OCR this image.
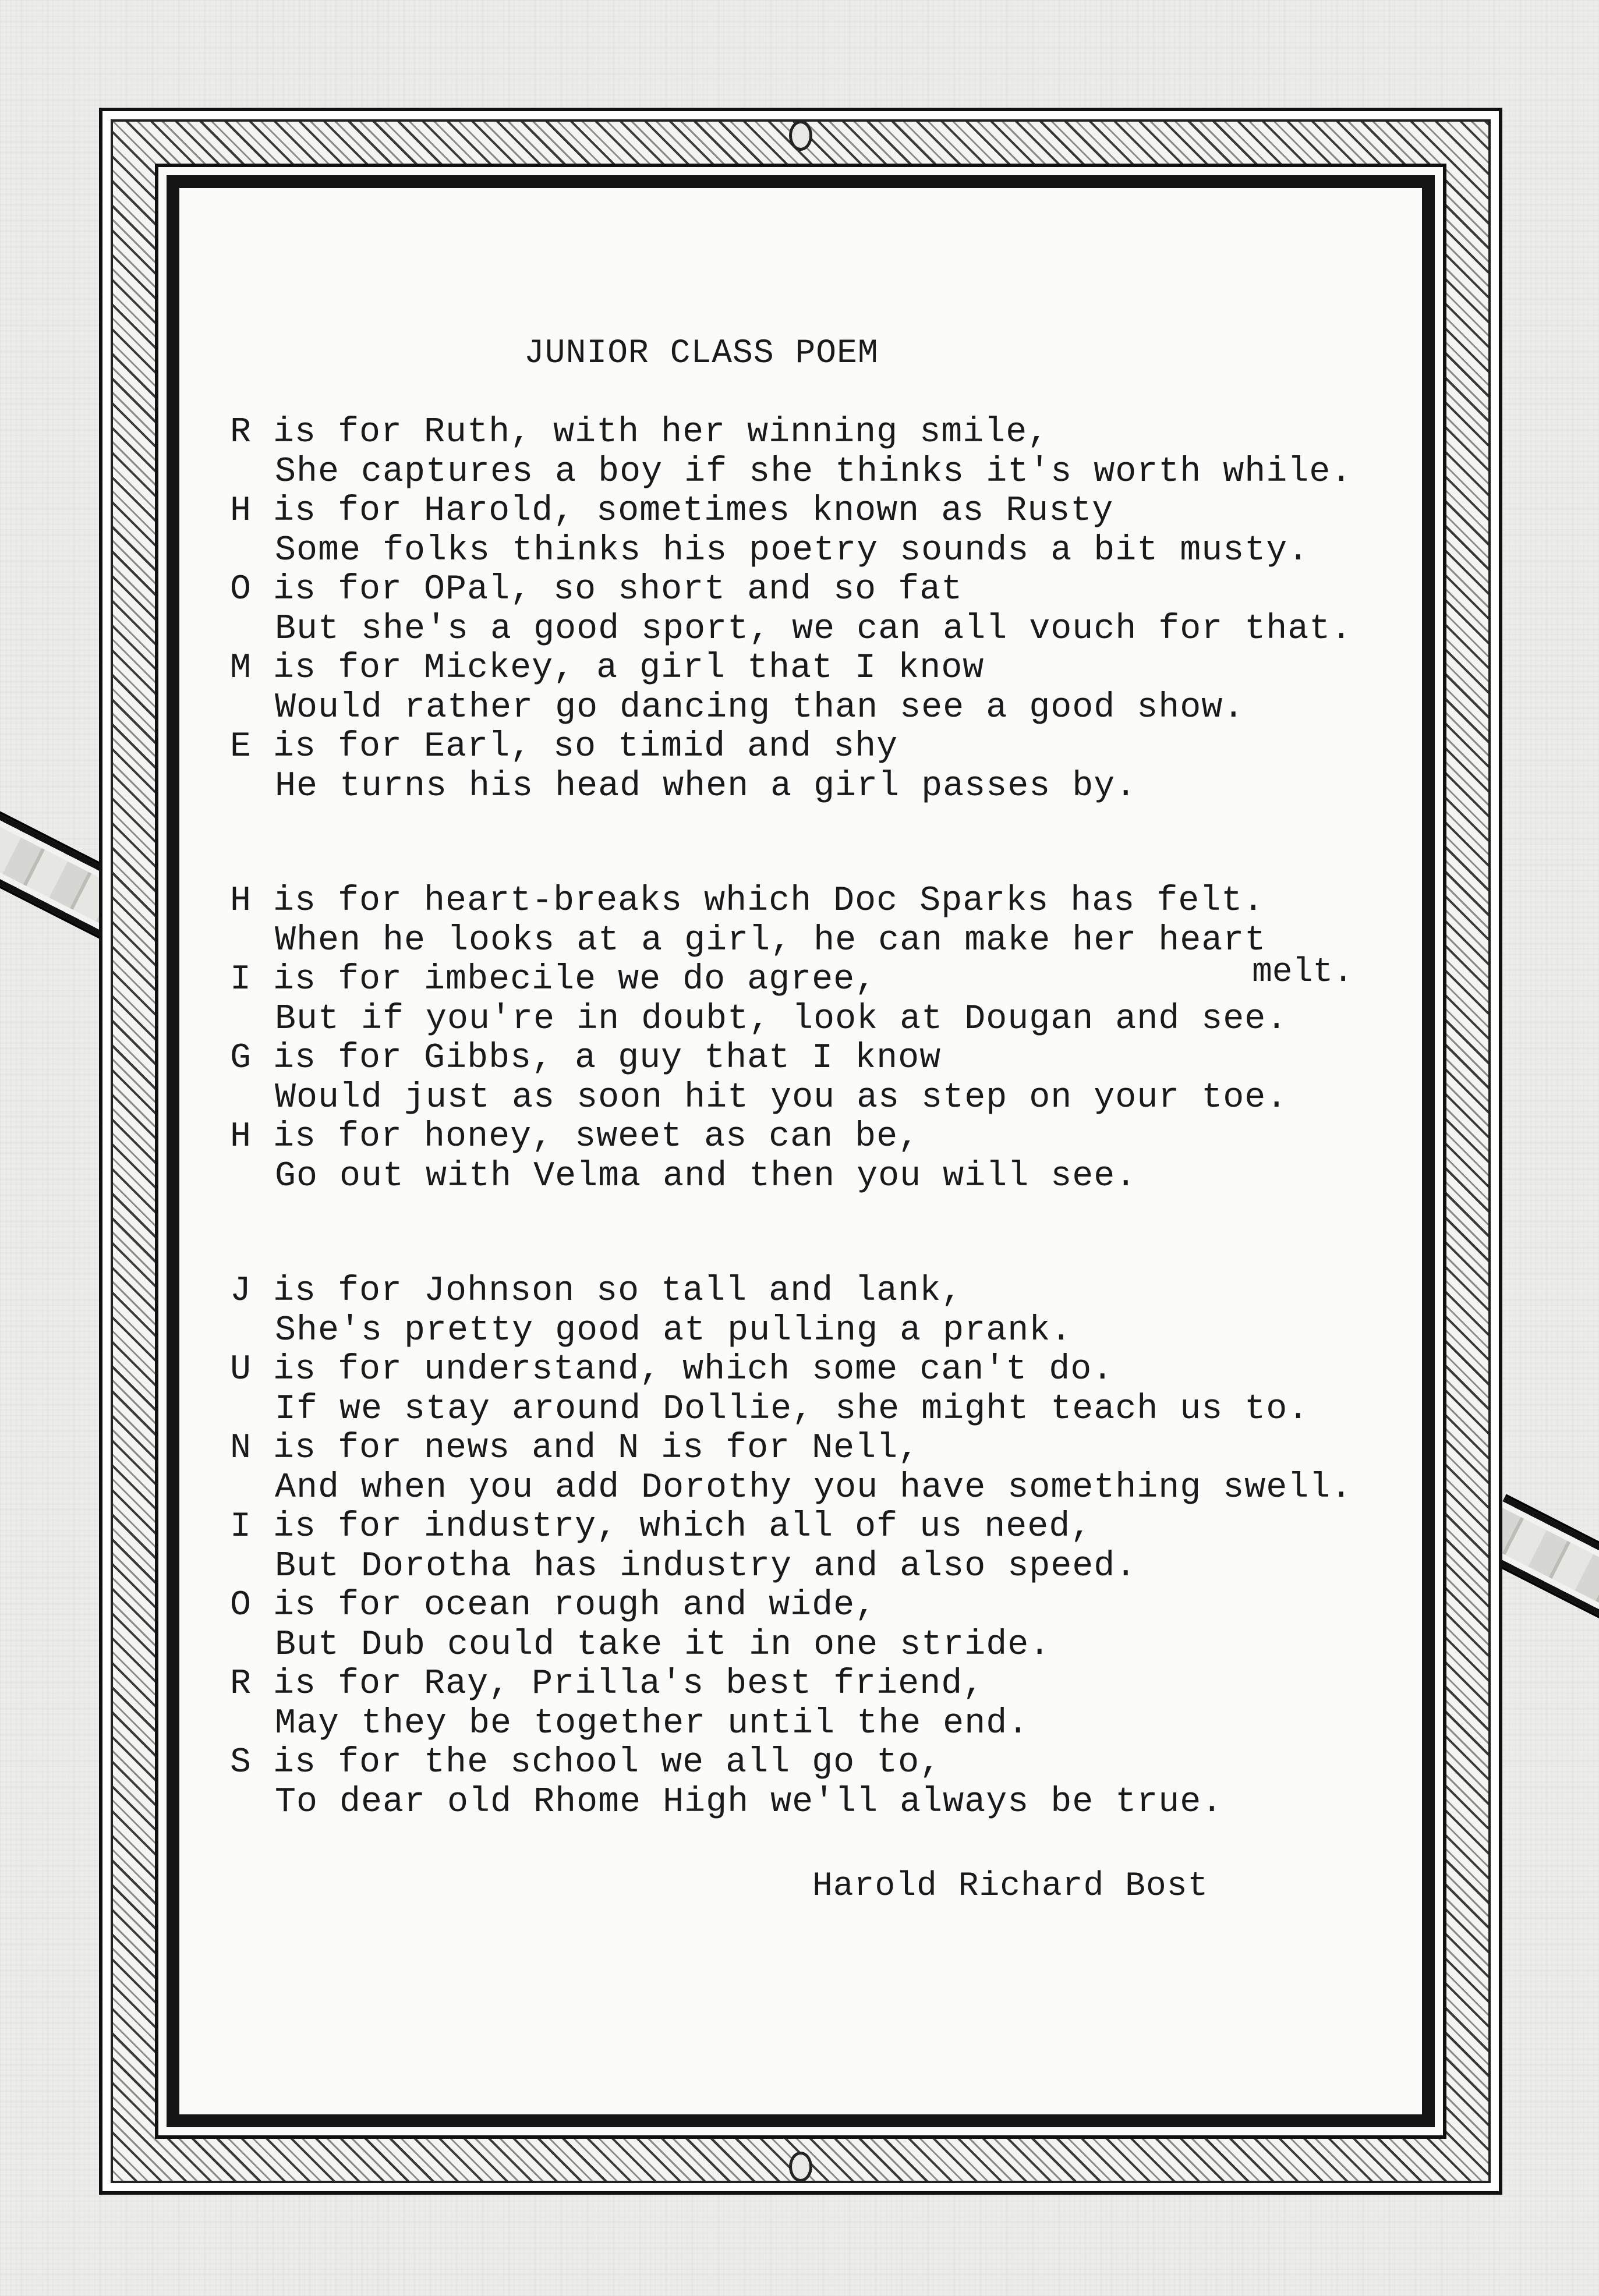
JUNIOR CLASS POEM
R is for Ruth, with her winning smile,
She captures a boy if she thinks it's worth while.
H is for Harold, sometimes known as Rusty
Some folks thinks his poetry sounds a bit musty.
O is for OPal, so short and so fat
But she's a good sport, we can all vouch for that.
M is for Mickey, a girl that I know
Would rather go dancing than see a good show.
E is for Earl, so timid and shy
He turns his head when a girl passes by.
H is for heart-breaks which Doc Sparks has felt.
When he looks at a girl, he can make her heart
I is for imbecile we do agree,
But if you're in doubt, look at Dougan and see.
G is for Gibbs, a guy that I know
Would just as soon hit you as step on your toe.
H is for honey, sweet as can be,
Go out with Velma and then you will see.
melt.
J is for Johnson so tall and lank,
She's pretty good at pulling a prank.
U is for understand, which some can't do.
If we stay around Dollie, she might teach us to.
N is for news and N is for Nell,
And when you add Dorothy you have something swell.
I is for industry, which all of us need,
But Dorotha has industry and also speed.
O is for ocean rough and wide,
But Dub could take it in one stride.
R is for Ray, Prilla's best friend,
May they be together until the end.
S is for the school we all go to,
To dear old Rhome High we'll always be true.
Harold Richard Bost
